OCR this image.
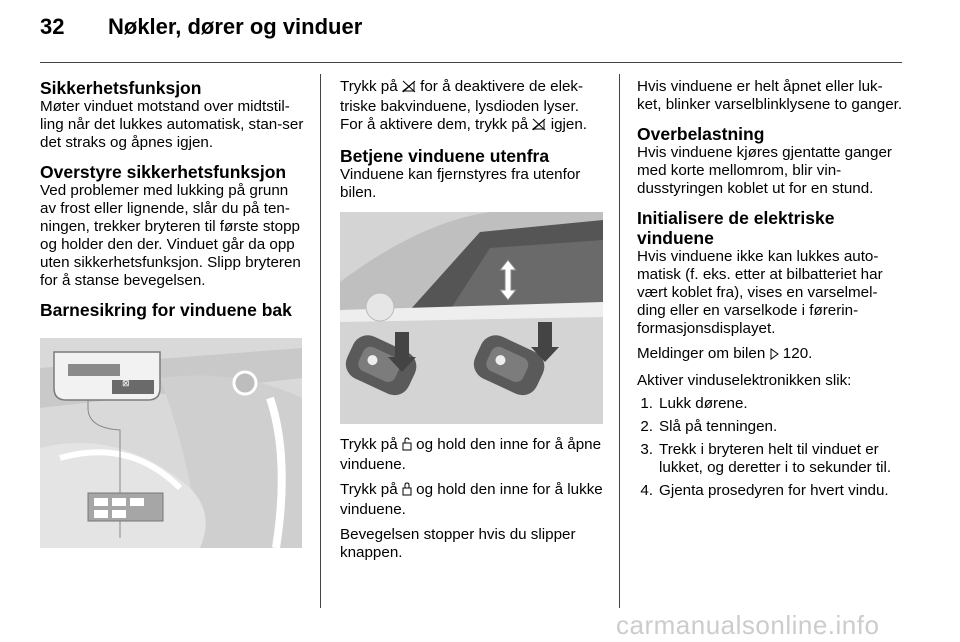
32 Nøkler, dører og vinduer
Sikkerhetsfunksjon

Møter vinduet motstand over midtstil-ling når det lukkes automatisk, stan-ser det straks og åpnes igjen.

Overstyre sikkerhetsfunksjon

Ved problemer med lukking på grunn av frost eller lignende, slår du på ten-ningen, trekker bryteren til første stopp og holder den der. Vinduet går da opp uten sikkerhetsfunksjon. Slipp bryteren for å stanse bevegelsen.

Barnesikring for vinduene bak
⊠

Trykk på for å deaktivere de elek-triske bakvinduene, lysdioden lyser. For å aktivere dem, trykk på igjen.

Betjene vinduene utenfra

Vinduene kan fjernstyres fra utenfor bilen.

Trykk på og hold den inne for å åpne vinduene.

Trykk på og hold den inne for å lukke vinduene.

Bevegelsen stopper hvis du slipper knappen.

Hvis vinduene er helt åpnet eller luk-ket, blinker varselblinklysene to ganger.

Overbelastning

Hvis vinduene kjøres gjentatte ganger med korte mellomrom, blir vin-dusstyringen koblet ut for en stund.

Initialisere de elektriske vinduene

Hvis vinduene ikke kan lukkes auto-matisk (f. eks. etter at bilbatteriet har vært koblet fra), vises en varselmel-ding eller en varselkode i førerin-formasjonsdisplayet.

Meldinger om bilen 120.

Aktiver vinduselektronikken slik:

1. Lukk dørene.
2. Slå på tenningen.
3. Trekk i bryteren helt til vinduet er lukket, og deretter i to sekunder til.
4. Gjenta prosedyren for hvert vindu.
carmanualsonline.info
